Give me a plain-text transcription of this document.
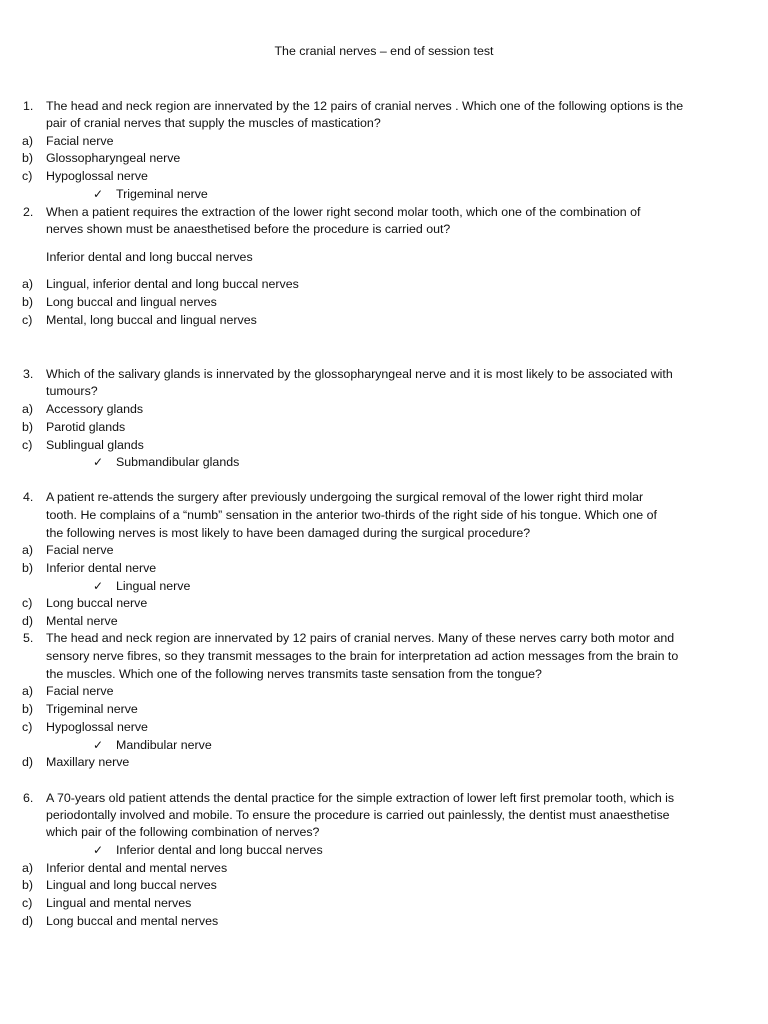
The cranial nerves – end of session test
1. The head and neck region are innervated by the 12 pairs of cranial nerves . Which one of the following options is the
pair of cranial nerves that supply the muscles of mastication?
a) Facial nerve
b) Glossopharyngeal nerve
c) Hypoglossal nerve
✓ Trigeminal nerve
2. When a patient requires the extraction of the lower right second molar tooth, which one of the combination of
nerves shown must be anaesthetised before the procedure is carried out?
Inferior dental and long buccal nerves
a) Lingual, inferior dental and long buccal nerves
b) Long buccal and lingual nerves
c) Mental, long buccal and lingual nerves
3. Which of the salivary glands is innervated by the glossopharyngeal nerve and it is most likely to be associated with
tumours?
a) Accessory glands
b) Parotid glands
c) Sublingual glands
✓ Submandibular glands
4. A patient re-attends the surgery after previously undergoing the surgical removal of the lower right third molar
tooth. He complains of a “numb” sensation in the anterior two-thirds of the right side of his tongue. Which one of
the following nerves is most likely to have been damaged during the surgical procedure?
a) Facial nerve
b) Inferior dental nerve
✓ Lingual nerve
c) Long buccal nerve
d) Mental nerve
5. The head and neck region are innervated by 12 pairs of cranial nerves. Many of these nerves carry both motor and
sensory nerve fibres, so they transmit messages to the brain for interpretation ad action messages from the brain to
the muscles. Which one of the following nerves transmits taste sensation from the tongue?
a) Facial nerve
b) Trigeminal nerve
c) Hypoglossal nerve
✓ Mandibular nerve
d) Maxillary nerve
6. A 70-years old patient attends the dental practice for the simple extraction of lower left first premolar tooth, which is
periodontally involved and mobile. To ensure the procedure is carried out painlessly, the dentist must anaesthetise
which pair of the following combination of nerves?
✓ Inferior dental and long buccal nerves
a) Inferior dental and mental nerves
b) Lingual and long buccal nerves
c) Lingual and mental nerves
d) Long buccal and mental nerves
